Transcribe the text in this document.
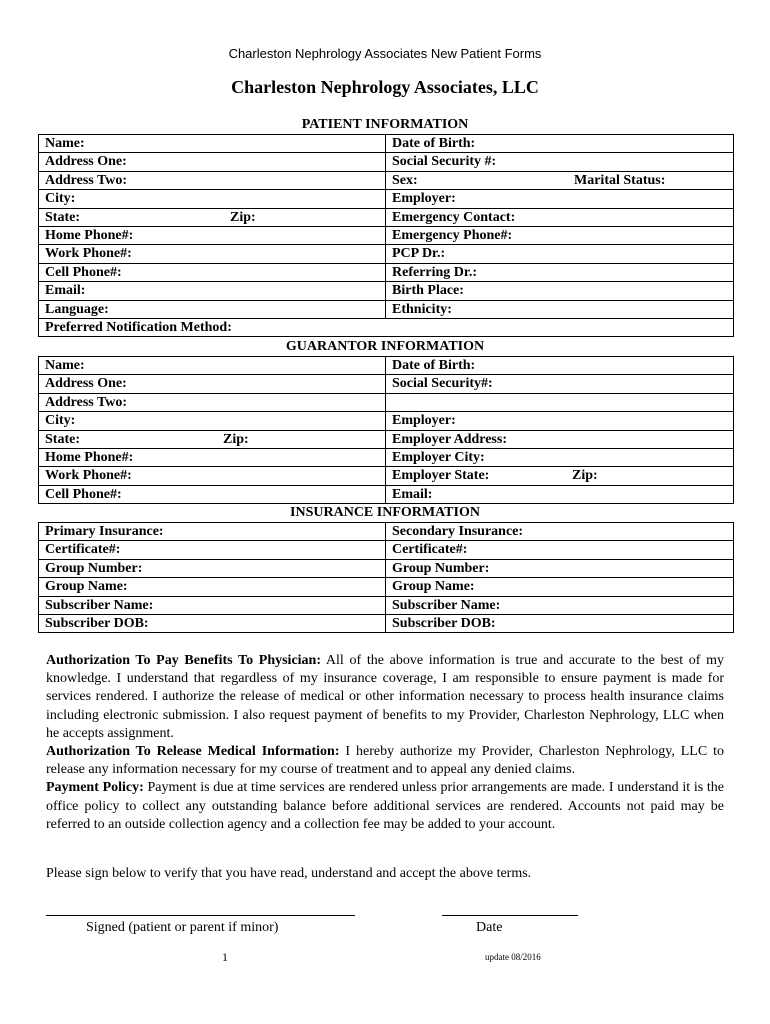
Charleston Nephrology Associates New Patient Forms
Charleston Nephrology Associates, LLC
PATIENT INFORMATION
Name:	Date of Birth:
Address One:	Social Security #:
Address Two:	Sex: Marital Status:

City:	Employer:

State: Zip:	Emergency Contact:
Home Phone#:	Emergency Phone#:
Work Phone#:	PCP Dr.:
Cell Phone#:	Referring Dr.:
Email:	Birth Place:
Language:	Ethnicity:
Preferred Notification Method:	
GUARANTOR INFORMATION
Name:	Date of Birth:
Address One:	Social Security#:
Address Two:	
City:	Employer:

State: Zip:	Employer Address:
Home Phone#:	Employer City:
Work Phone#:	Employer State: Zip:

Cell Phone#:	Email:
INSURANCE INFORMATION
Primary Insurance:	Secondary Insurance:
Certificate#:	Certificate#:
Group Number:	Group Number:
Group Name:	Group Name:
Subscriber Name:	Subscriber Name:
Subscriber DOB:	Subscriber DOB:

Authorization To Pay Benefits To Physician: All of the above information is true and accurate to the best of my knowledge. I understand that regardless of my insurance coverage, I am responsible to ensure payment is made for services rendered. I authorize the release of medical or other information necessary to process health insurance claims including electronic submission. I also request payment of benefits to my Provider, Charleston Nephrology, LLC when he accepts assignment.

Authorization To Release Medical Information: I hereby authorize my Provider, Charleston Nephrology, LLC to release any information necessary for my course of treatment and to appeal any denied claims.

Payment Policy: Payment is due at time services are rendered unless prior arrangements are made. I understand it is the office policy to collect any outstanding balance before additional services are rendered. Accounts not paid may be referred to an outside collection agency and a collection fee may be added to your account.

Please sign below to verify that you have read, understand and accept the above terms.
Signed (patient or parent if minor)	Date
1	update 08/2016
